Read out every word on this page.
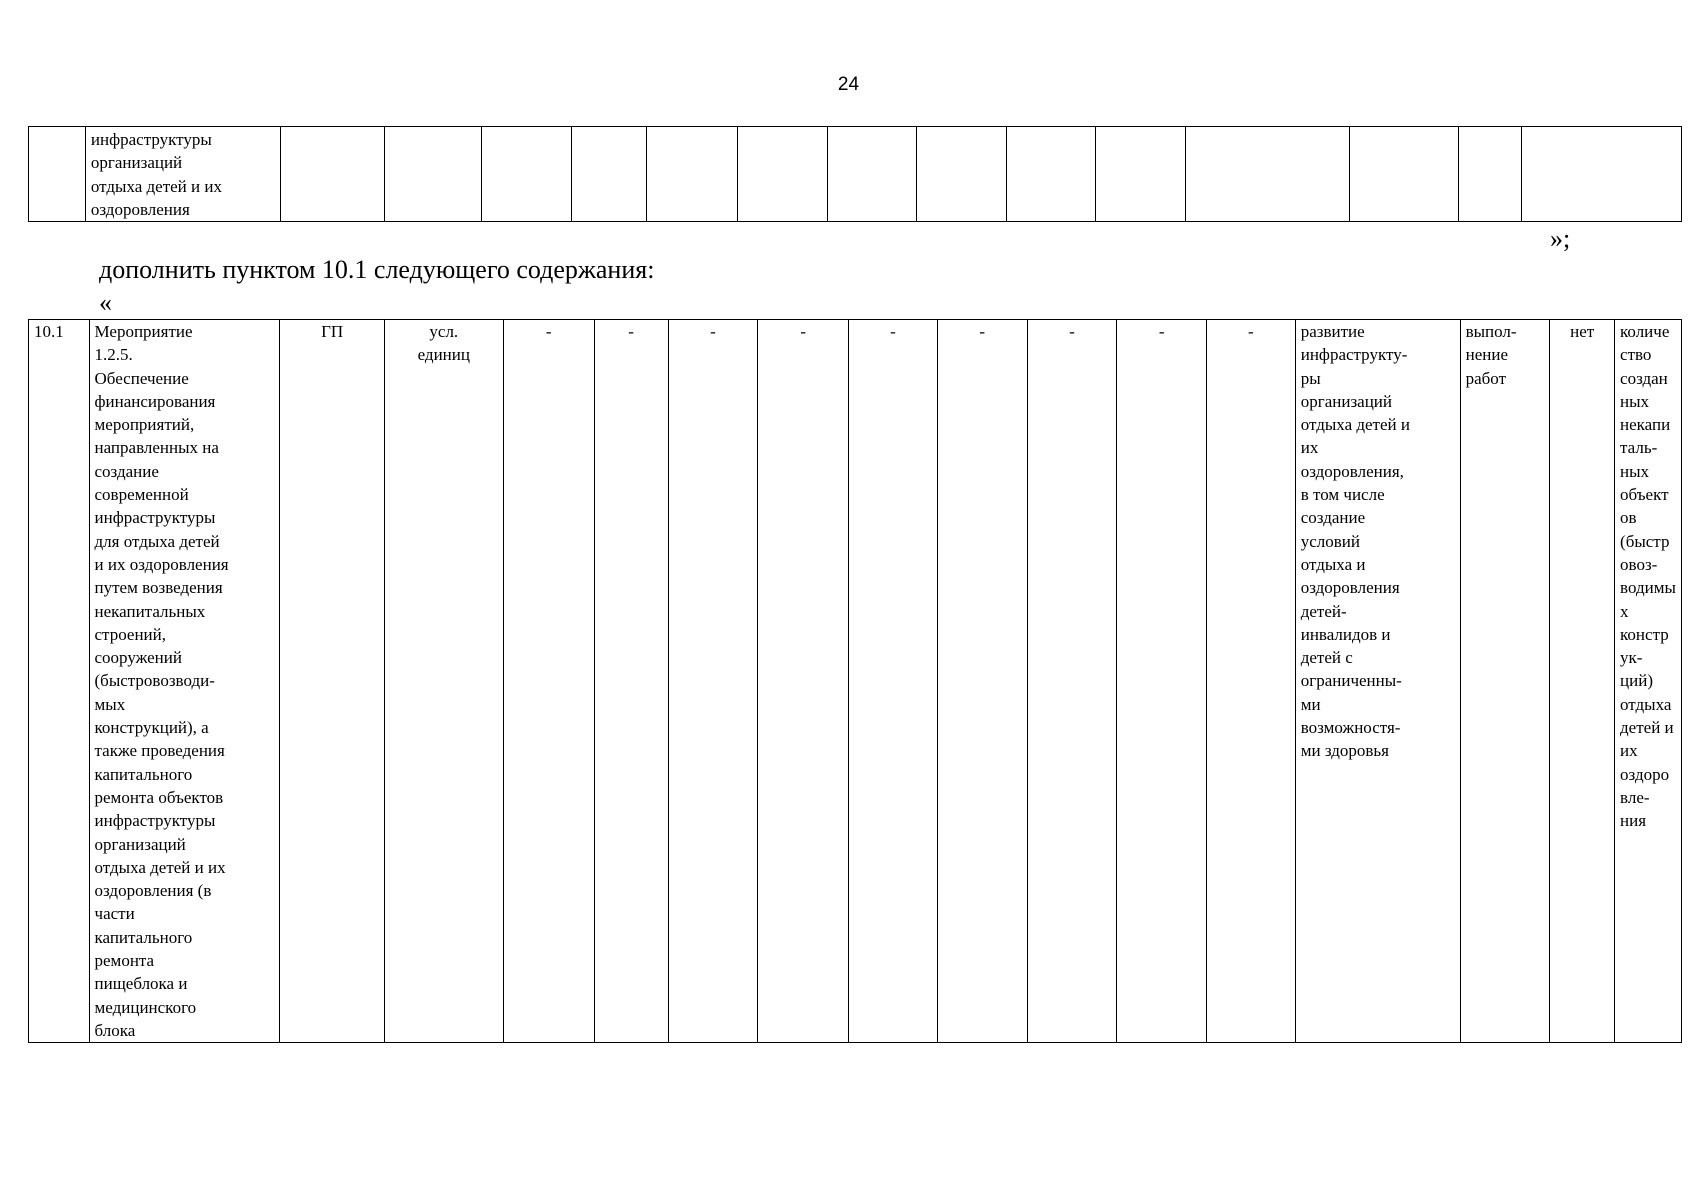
24
	инфраструктуры
организаций
отдыха детей и их
оздоровления														
»;
дополнить пунктом 10.1 следующего содержания:
«
10.1	Мероприятие
1.2.5.
Обеспечение
финансирования
мероприятий,
направленных на
создание
современной
инфраструктуры
для отдыха детей
и их оздоровления
путем возведения
некапитальных
строений,
сооружений
(быстровозводи-
мых
конструкций), а
также проведения
капитального
ремонта объектов
инфраструктуры
организаций
отдыха детей и их
оздоровления (в
части
капитального
ремонта
пищеблока и
медицинского
блока	ГП	усл.
единиц	-	-	-	-	-	-	-	-	-	развитие
инфраструкту-
ры
организаций
отдыха детей и
их
оздоровления,
в том числе
создание
условий
отдыха и
оздоровления
детей-
инвалидов и
детей с
ограниченны-
ми
возможностя-
ми здоровья	выпол-
нение
работ	нет	количество
созданных
некапиталь-
ных
объектов
(быстровоз-
водимых
конструк-
ций)
отдыха
детей и их
оздоровле-
ния
